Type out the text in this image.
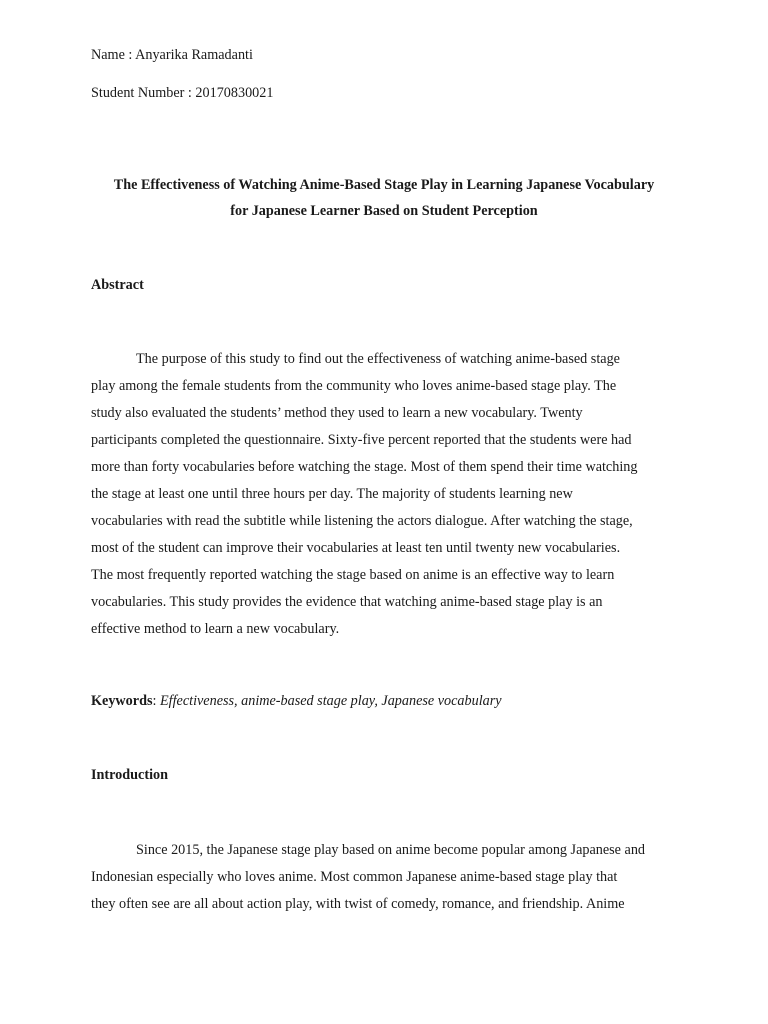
Name : Anyarika Ramadanti
Student Number : 20170830021
The Effectiveness of Watching Anime-Based Stage Play in Learning Japanese Vocabulary
for Japanese Learner Based on Student Perception
Abstract
The purpose of this study to find out the effectiveness of watching anime-based stage
play among the female students from the community who loves anime-based stage play. The
study also evaluated the students’ method they used to learn a new vocabulary. Twenty
participants completed the questionnaire. Sixty-five percent reported that the students were had
more than forty vocabularies before watching the stage. Most of them spend their time watching
the stage at least one until three hours per day. The majority of students learning new
vocabularies with read the subtitle while listening the actors dialogue. After watching the stage,
most of the student can improve their vocabularies at least ten until twenty new vocabularies.
The most frequently reported watching the stage based on anime is an effective way to learn
vocabularies. This study provides the evidence that watching anime-based stage play is an
effective method to learn a new vocabulary.
Keywords: Effectiveness, anime-based stage play, Japanese vocabulary
Introduction
Since 2015, the Japanese stage play based on anime become popular among Japanese and
Indonesian especially who loves anime. Most common Japanese anime-based stage play that
they often see are all about action play, with twist of comedy, romance, and friendship. Anime
